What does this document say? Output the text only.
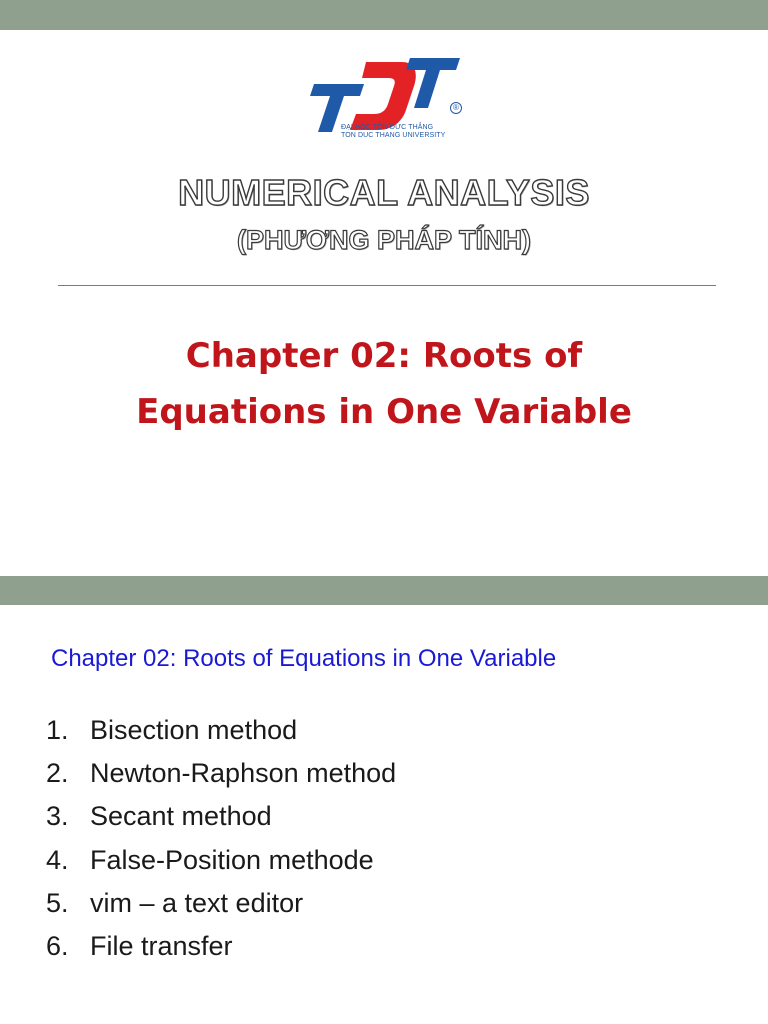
®
ĐẠI HỌC TÔN ĐỨC THẮNG
TON DUC THANG UNIVERSITY
NUMERICAL ANALYSIS
(PHƯƠNG PHÁP TÍNH)
Chapter 02: Roots of
Equations in One Variable
Chapter 02: Roots of Equations in One Variable
1. Bisection method
2. Newton-Raphson method
3. Secant method
4. False-Position methode
5. vim – a text editor
6. File transfer
